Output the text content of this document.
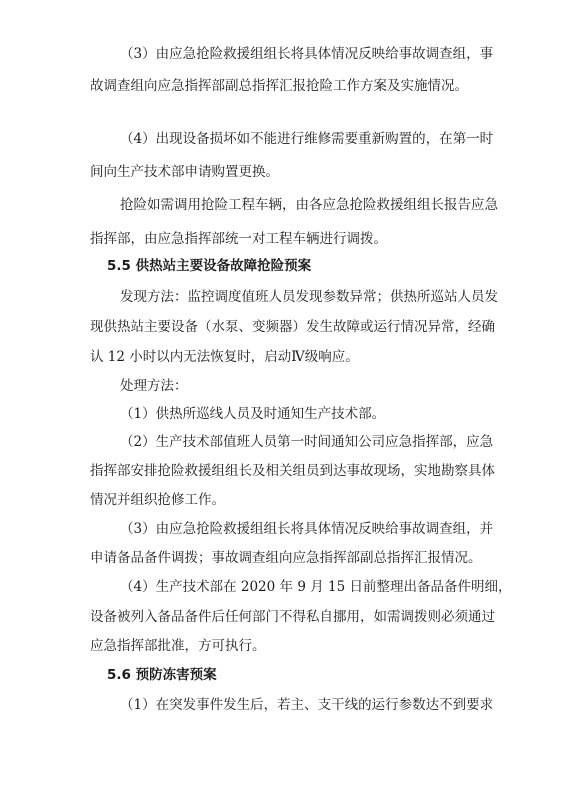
（3）由应急抢险救援组组长将具体情况反映给事故调查组，事
故调查组向应急指挥部副总指挥汇报抢险工作方案及实施情况。
（4）出现设备损坏如不能进行维修需要重新购置的，在第一时
间向生产技术部申请购置更换。
抢险如需调用抢险工程车辆，由各应急抢险救援组组长报告应急
指挥部，由应急指挥部统一对工程车辆进行调拨。
5.5 供热站主要设备故障抢险预案
发现方法：监控调度值班人员发现参数异常；供热所巡站人员发
现供热站主要设备（水泵、变频器）发生故障或运行情况异常，经确
认 12 小时以内无法恢复时，启动Ⅳ级响应。
处理方法：
（1）供热所巡线人员及时通知生产技术部。
（2）生产技术部值班人员第一时间通知公司应急指挥部，应急
指挥部安排抢险救援组组长及相关组员到达事故现场，实地勘察具体
情况并组织抢修工作。
（3）由应急抢险救援组组长将具体情况反映给事故调查组，并
申请备品备件调拨；事故调查组向应急指挥部副总指挥汇报情况。
（4）生产技术部在 2020 年 9 月 15 日前整理出备品备件明细，
设备被列入备品备件后任何部门不得私自挪用，如需调拨则必须通过
应急指挥部批准，方可执行。
5.6 预防冻害预案
（1）在突发事件发生后，若主、支干线的运行参数达不到要求
